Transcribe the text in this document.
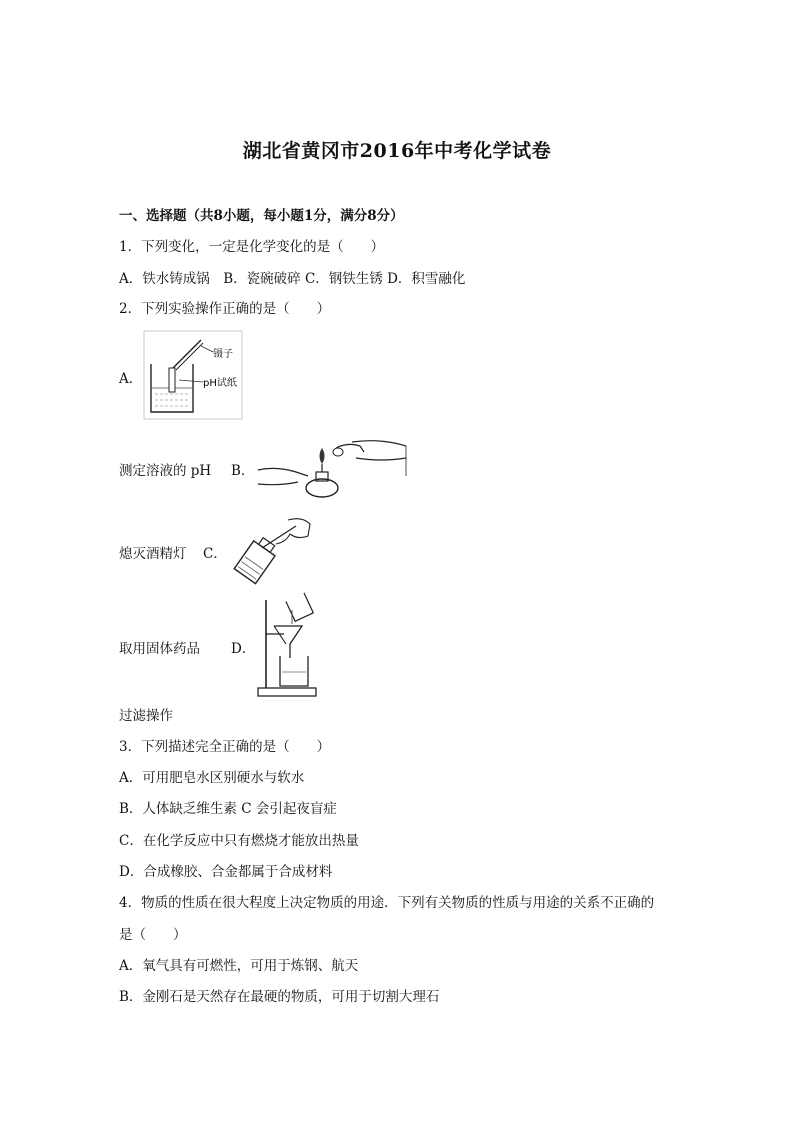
湖北省黄冈市2016年中考化学试卷
一、选择题（共8小题，每小题1分，满分8分）
1．下列变化，一定是化学变化的是（　　）
A．铁水铸成锅　B．瓷碗破碎 C．钢铁生锈 D．积雪融化
2．下列实验操作正确的是（　　）
A．
镊子
pH试纸
测定溶液的 pH B．
熄灭酒精灯 C．
取用固体药品 D．
过滤操作
3．下列描述完全正确的是（　　）
A．可用肥皂水区别硬水与软水
B．人体缺乏维生素 C 会引起夜盲症
C．在化学反应中只有燃烧才能放出热量
D．合成橡胶、合金都属于合成材料
4．物质的性质在很大程度上决定物质的用途．下列有关物质的性质与用途的关系不正确的
是（　　）
A．氧气具有可燃性，可用于炼钢、航天
B．金刚石是天然存在最硬的物质，可用于切割大理石
